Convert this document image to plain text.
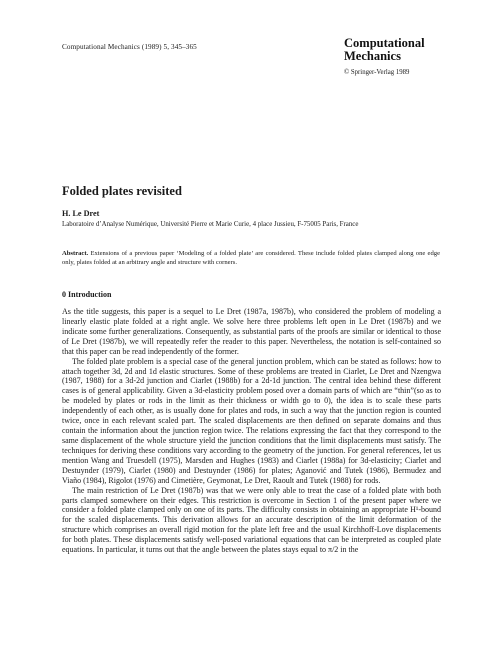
Computational Mechanics (1989) 5, 345–365	Computational
Mechanics
© Springer-Verlag 1989
Folded plates revisited
H. Le Dret
Laboratoire d’Analyse Numérique, Université Pierre et Marie Curie, 4 place Jussieu, F-75005 Paris, France

Abstract. Extensions of a previous paper ‘Modeling of a folded plate’ are considered. These include folded plates clamped along one edge only, plates folded at an arbitrary angle and structure with corners.

0 Introduction

As the title suggests, this paper is a sequel to Le Dret (1987a, 1987b), who considered the problem of modeling a linearly elastic plate folded at a right angle. We solve here three problems left open in Le Dret (1987b) and we indicate some further generalizations. Consequently, as substantial parts of the proofs are similar or identical to those of Le Dret (1987b), we will repeatedly refer the reader to this paper. Nevertheless, the notation is self-contained so that this paper can be read independently of the former.

The folded plate problem is a special case of the general junction problem, which can be stated as follows: how to attach together 3d, 2d and 1d elastic structures. Some of these problems are treated in Ciarlet, Le Dret and Nzengwa (1987, 1988) for a 3d-2d junction and Ciarlet (1988b) for a 2d-1d junction. The central idea behind these different cases is of general applicability. Given a 3d-elasticity problem posed over a domain parts of which are “thin”(so as to be modeled by plates or rods in the limit as their thickness or width go to 0), the idea is to scale these parts independently of each other, as is usually done for plates and rods, in such a way that the junction region is counted twice, once in each relevant scaled part. The scaled displacements are then defined on separate domains and thus contain the information about the junction region twice. The relations expressing the fact that they correspond to the same displacement of the whole structure yield the junction conditions that the limit displacements must satisfy. The techniques for deriving these conditions vary according to the geometry of the junction. For general references, let us mention Wang and Truesdell (1975), Marsden and Hughes (1983) and Ciarlet (1988a) for 3d-elasticity; Ciarlet and Destuynder (1979), Ciarlet (1980) and Destuynder (1986) for plates; Aganović and Tutek (1986), Bermudez and Viaño (1984), Rigolot (1976) and Cimetière, Geymonat, Le Dret, Raoult and Tutek (1988) for rods.

The main restriction of Le Dret (1987b) was that we were only able to treat the case of a folded plate with both parts clamped somewhere on their edges. This restriction is overcome in Section 1 of the present paper where we consider a folded plate clamped only on one of its parts. The difficulty consists in obtaining an appropriate H¹-bound for the scaled displacements. This derivation allows for an accurate description of the limit deformation of the structure which comprises an overall rigid motion for the plate left free and the usual Kirchhoff-Love displacements for both plates. These displacements satisfy well-posed variational equations that can be interpreted as coupled plate equations. In particular, it turns out that the angle between the plates stays equal to π/2 in the
